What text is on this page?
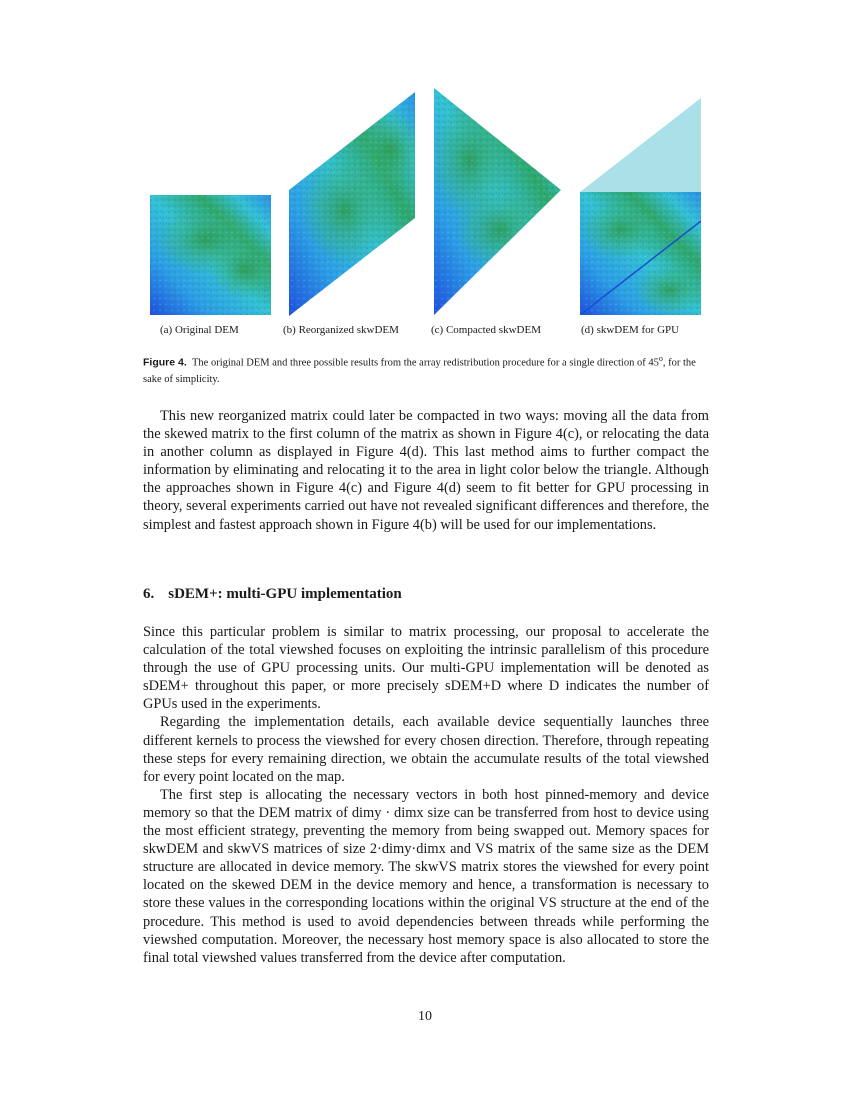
(a) Original DEM	(b) Reorganized skwDEM	(c) Compacted skwDEM	(d) skwDEM for GPU
Figure 4. The original DEM and three possible results from the array redistribution procedure for a single direction of 45$^o$, for the sake of simplicity.

This new reorganized matrix could later be compacted in two ways: moving all the data from the skewed matrix to the first column of the matrix as shown in Figure 4(c), or relocating the data in another column as displayed in Figure 4(d). This last method aims to further compact the information by eliminating and relocating it to the area in light color below the triangle. Although the approaches shown in Figure 4(c) and Figure 4(d) seem to fit better for GPU processing in theory, several experiments carried out have not revealed significant differences and therefore, the simplest and fastest approach shown in Figure 4(b) will be used for our implementations.

6. sDEM+: multi-GPU implementation

Since this particular problem is similar to matrix processing, our proposal to accelerate the calculation of the total viewshed focuses on exploiting the intrinsic parallelism of this procedure through the use of GPU processing units. Our multi-GPU implementation will be denoted as sDEM+ throughout this paper, or more precisely sDEM+D where D indicates the number of GPUs used in the experiments.

Regarding the implementation details, each available device sequentially launches three different kernels to process the viewshed for every chosen direction. Therefore, through repeating these steps for every remaining direction, we obtain the accumulate results of the total viewshed for every point located on the map.

The first step is allocating the necessary vectors in both host pinned-memory and device memory so that the DEM matrix of dimy · dimx size can be transferred from host to device using the most efficient strategy, preventing the memory from being swapped out. Memory spaces for skwDEM and skwVS matrices of size 2·dimy·dimx and VS matrix of the same size as the DEM structure are allocated in device memory. The skwVS matrix stores the viewshed for every point located on the skewed DEM in the device memory and hence, a transformation is necessary to store these values in the corresponding locations within the original VS structure at the end of the procedure. This method is used to avoid dependencies between threads while performing the viewshed computation. Moreover, the necessary host memory space is also allocated to store the final total viewshed values transferred from the device after computation.

10
